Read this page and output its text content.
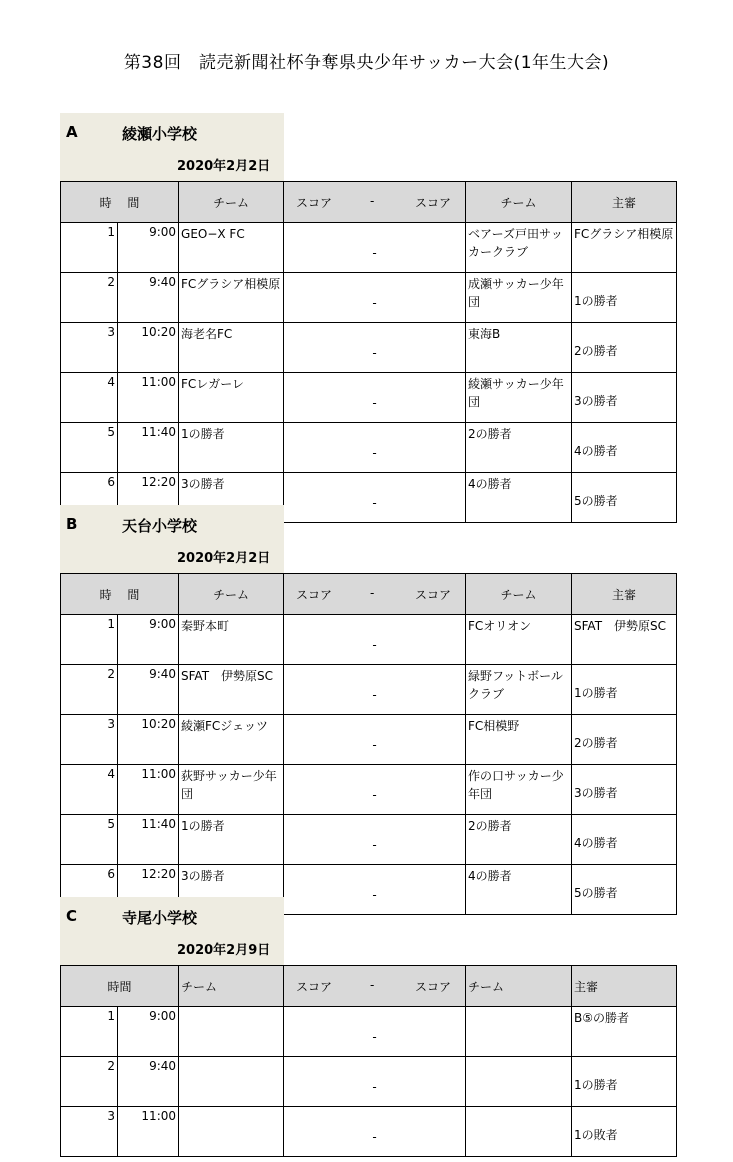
第38回　読売新聞社杯争奪県央少年サッカー大会(1年生大会)
A	綾瀬小学校
2020年2月2日
時　 間		チーム	スコア - スコア	チーム	主審
1	9:00	GEO−X FC	-	ベアーズ戸田サッカークラブ	FCグラシア相模原
2	9:40	FCグラシア相模原	-	成瀬サッカー少年団	1の勝者
3	10:20	海老名FC	-	東海B	2の勝者
4	11:00	FCレガーレ	-	綾瀬サッカー少年団	3の勝者
5	11:40	1の勝者	-	2の勝者	4の勝者
6	12:20	3の勝者	-	4の勝者	5の勝者
B	天台小学校
2020年2月2日
時　 間		チーム	スコア - スコア	チーム	主審
1	9:00	秦野本町	-	FCオリオン	SFAT　伊勢原SC
2	9:40	SFAT　伊勢原SC	-	緑野フットボールクラブ	1の勝者
3	10:20	綾瀬FCジェッツ	-	FC相模野	2の勝者
4	11:00	荻野サッカー少年団	-	作の口サッカー少年団	3の勝者
5	11:40	1の勝者	-	2の勝者	4の勝者
6	12:20	3の勝者	-	4の勝者	5の勝者
C	寺尾小学校
2020年2月9日
時間		チーム	スコア - スコア	チーム	主審
1	9:00		-		B⑤の勝者
2	9:40		-		1の勝者
3	11:00		-		1の敗者
